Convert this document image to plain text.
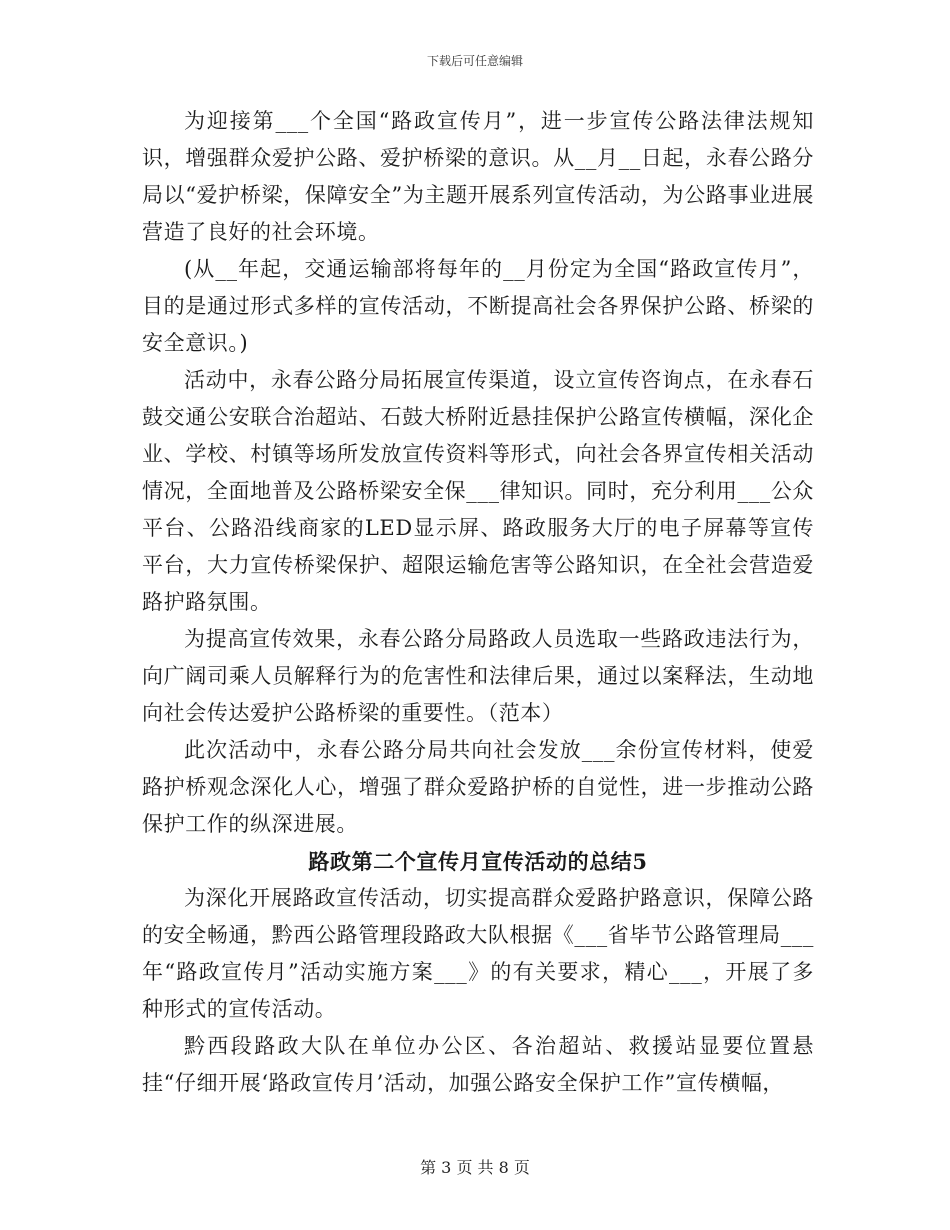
下载后可任意编辑

为迎接第___个全国“路政宣传月”，进一步宣传公路法律法规知识，增强群众爱护公路、爱护桥梁的意识。从__月__日起，永春公路分局以“爱护桥梁，保障安全”为主题开展系列宣传活动，为公路事业进展营造了良好的社会环境。

(从__年起，交通运输部将每年的__月份定为全国“路政宣传月”，目的是通过形式多样的宣传活动，不断提高社会各界保护公路、桥梁的安全意识。)

活动中，永春公路分局拓展宣传渠道，设立宣传咨询点，在永春石鼓交通公安联合治超站、石鼓大桥附近悬挂保护公路宣传横幅，深化企业、学校、村镇等场所发放宣传资料等形式，向社会各界宣传相关活动情况，全面地普及公路桥梁安全保___律知识。同时，充分利用___公众平台、公路沿线商家的LED显示屏、路政服务大厅的电子屏幕等宣传平台，大力宣传桥梁保护、超限运输危害等公路知识，在全社会营造爱路护路氛围。

为提高宣传效果，永春公路分局路政人员选取一些路政违法行为，向广阔司乘人员解释行为的危害性和法律后果，通过以案释法，生动地向社会传达爱护公路桥梁的重要性。（范本）

此次活动中，永春公路分局共向社会发放___余份宣传材料，使爱路护桥观念深化人心，增强了群众爱路护桥的自觉性，进一步推动公路保护工作的纵深进展。

路政第二个宣传月宣传活动的总结5

为深化开展路政宣传活动，切实提高群众爱路护路意识，保障公路的安全畅通，黔西公路管理段路政大队根据《___省毕节公路管理局___年“路政宣传月”活动实施方案___》的有关要求，精心___，开展了多种形式的宣传活动。

黔西段路政大队在单位办公区、各治超站、救援站显要位置悬挂“仔细开展‘路政宣传月’活动，加强公路安全保护工作”宣传横幅，

第 3 页 共 8 页
